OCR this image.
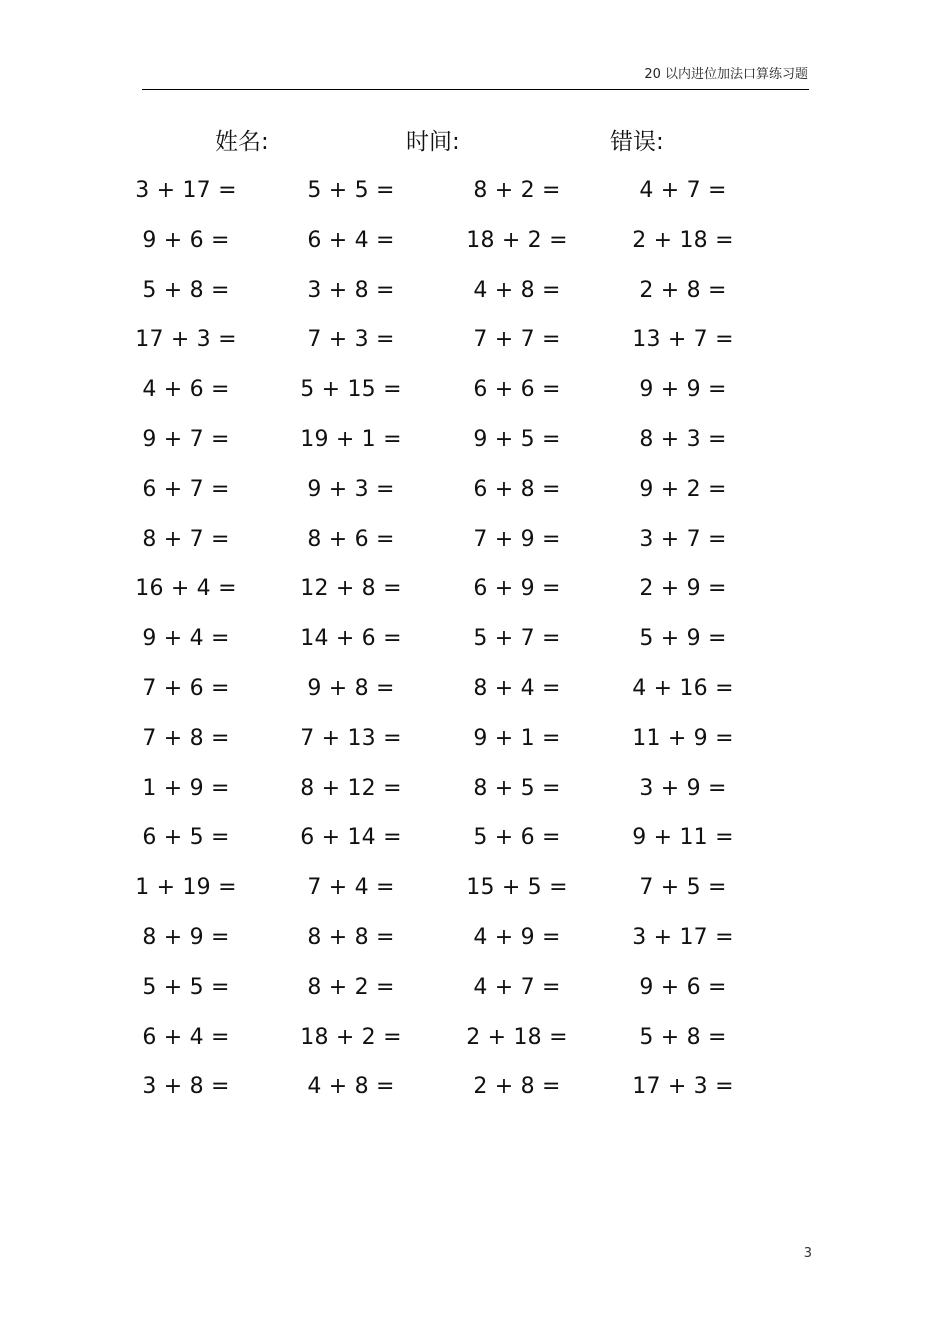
20 以内进位加法口算练习题
姓名:	时间:	错误:
3 + 17 =	5 + 5 =	8 + 2 =	4 + 7 =
9 + 6 =	6 + 4 =	18 + 2 =	2 + 18 =
5 + 8 =	3 + 8 =	4 + 8 =	2 + 8 =
17 + 3 =	7 + 3 =	7 + 7 =	13 + 7 =
4 + 6 =	5 + 15 =	6 + 6 =	9 + 9 =
9 + 7 =	19 + 1 =	9 + 5 =	8 + 3 =
6 + 7 =	9 + 3 =	6 + 8 =	9 + 2 =
8 + 7 =	8 + 6 =	7 + 9 =	3 + 7 =
16 + 4 =	12 + 8 =	6 + 9 =	2 + 9 =
9 + 4 =	14 + 6 =	5 + 7 =	5 + 9 =
7 + 6 =	9 + 8 =	8 + 4 =	4 + 16 =
7 + 8 =	7 + 13 =	9 + 1 =	11 + 9 =
1 + 9 =	8 + 12 =	8 + 5 =	3 + 9 =
6 + 5 =	6 + 14 =	5 + 6 =	9 + 11 =
1 + 19 =	7 + 4 =	15 + 5 =	7 + 5 =
8 + 9 =	8 + 8 =	4 + 9 =	3 + 17 =
5 + 5 =	8 + 2 =	4 + 7 =	9 + 6 =
6 + 4 =	18 + 2 =	2 + 18 =	5 + 8 =
3 + 8 =	4 + 8 =	2 + 8 =	17 + 3 =
3
